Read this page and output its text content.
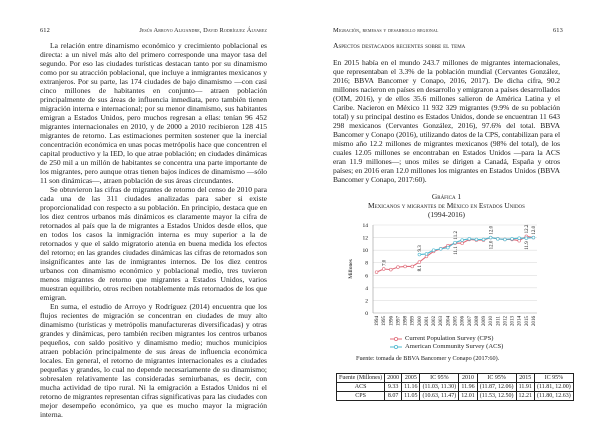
612	Jesús Arroyo Alejandre, David Rodríguez Álvarez

La relación entre dinamismo económico y crecimiento poblacional es directa: a un nivel más alto del primero corresponde una mayor tasa del segundo. Por eso las ciudades turísticas destacan tanto por su dinamismo como por su atracción poblacional, que incluye a inmigrantes mexicanos y extranjeros. Por su parte, las 174 ciudades de bajo dinamismo —con casi cinco millones de habitantes en conjunto— atraen población principalmente de sus áreas de influencia inmediata, pero también tienen migración interna e internacional; por su menor dinamismo, sus habitantes emigran a Estados Unidos, pero muchos regresan a ellas: tenían 96 452 migrantes internacionales en 2010, y de 2000 a 2010 recibieron 128 415 migrantes de retorno. Las estimaciones permiten sostener que la inercial concentración económica en unas pocas metrópolis hace que concentren el capital productivo y la IED, lo que atrae población; en ciudades dinámicas de 250 mil a un millón de habitantes se concentra una parte importante de los migrantes, pero aunque otras tienen bajos índices de dinamismo —sólo 11 son dinámicas—, atraen población de sus áreas circundantes.

Se obtuvieron las cifras de migrantes de retorno del censo de 2010 para cada una de las 311 ciudades analizadas para saber si existe proporcionalidad con respecto a su población. En principio, destaca que en los diez centros urbanos más dinámicos es claramente mayor la cifra de retornados al país que la de migrantes a Estados Unidos desde ellos, que en todos los casos la inmigración interna es muy superior a la de retornados y que el saldo migratorio atenúa en buena medida los efectos del retorno; en las grandes ciudades dinámicas las cifras de retornados son insignificantes ante las de inmigrantes internos. De los diez centros urbanos con dinamismo económico y poblacional medio, tres tuvieron menos migrantes de retorno que migrantes a Estados Unidos, varios muestran equilibrio, otros reciben notablemente más retornados de los que emigran.

En suma, el estudio de Arroyo y Rodríguez (2014) encuentra que los flujos recientes de migración se concentran en ciudades de muy alto dinamismo (turísticas y metrópolis manufactureras diversificadas) y otras grandes y dinámicas, pero también reciben migrantes los centros urbanos pequeños, con saldo positivo y dinamismo medio; muchos municipios atraen población principalmente de sus áreas de influencia económica locales. En general, el retorno de migrantes internacionales es a ciudades pequeñas y grandes, lo cual no depende necesariamente de su dinamismo; sobresalen relativamente las consideradas semiurbanas, es decir, con mucha actividad de tipo rural. Ni la emigración a Estados Unidos ni el retorno de migrantes representan cifras significativas para las ciudades con mejor desempeño económico, ya que es mucho mayor la migración interna.

Migración, remesas y desarrollo regional	613
Aspectos destacados recientes sobre el tema

En 2015 había en el mundo 243.7 millones de migrantes internacionales, que representaban el 3.3% de la población mundial (Cervantes González, 2016; BBVA Bancomer y Conapo, 2016, 2017). De dicha cifra, 90.2 millones nacieron en países en desarrollo y emigraron a países desarrollados (OIM, 2016), y de ellos 35.6 millones salieron de América Latina y el Caribe. Nacieron en México 11 932 329 migrantes (9.9% de su población total) y su principal destino es Estados Unidos, donde se encuentran 11 643 298 mexicanos (Cervantes González, 2016), 97.6% del total. BBVA Bancomer y Conapo (2016), utilizando datos de la CPS, contabilizan para el mismo año 12.2 millones de migrantes mexicanos (98% del total), de los cuales 12.05 millones se encontraban en Estados Unidos —para la ACS eran 11.9 millones—; unos miles se dirigen a Canadá, España y otros países; en 2016 eran 12.0 millones los migrantes en Estados Unidos (BBVA Bancomer y Conapo, 2017:60).

Gráfica 1
Mexicanos y migrantes de México en Estados Unidos
(1994-2016)
0
2
4
6
8
10
12
14
Millones
1994 1995 1996 1997 1998 1999 2000 2001 2002 2003 2004 2005 2006 2007 2008 2009 2010 2011 2012 2013 2014 2015 2016
7.0
8.1
11.1
12.0
12.2
9.3
11.2
12.0
11.9
12.0
Current Population Survey (CPS)
American Community Survey (ACS)
Fuente: tomada de BBVA Bancomer y Conapo (2017:60).
Fuente (Millones)	2000	2005	IC 95%	2010	IC 95%	2015	IC 95%
ACS	9.33	11.16	(11.03, 11.30)	11.96	(11.87, 12.06)	11.91	(11.81, 12.00)
CPS	8.07	11.05	(10.63, 11.47)	12.01	(11.53, 12.50)	12.21	(11.80, 12.63)
